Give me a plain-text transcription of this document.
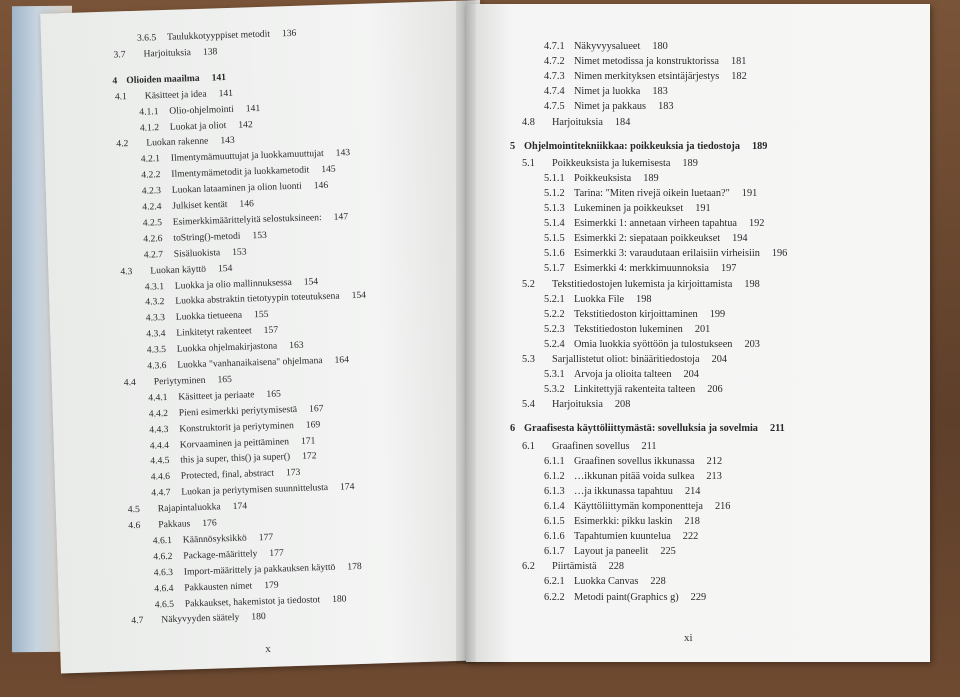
3.6.5	Taulukkotyyppiset metodit 136
3.7	Harjoituksia 138
4 Olioiden maailma 141
4.1	Käsitteet ja idea 141
4.1.1	Olio-ohjelmointi 141
4.1.2	Luokat ja oliot 142
4.2	Luokan rakenne 143
4.2.1	Ilmentymämuuttujat ja luokkamuuttujat 143
4.2.2	Ilmentymämetodit ja luokkametodit 145
4.2.3	Luokan lataaminen ja olion luonti 146
4.2.4	Julkiset kentät 146
4.2.5	Esimerkkimäärittelyitä selostuksineen: 147
4.2.6	toString()-metodi 153
4.2.7	Sisäluokista 153
4.3	Luokan käyttö 154
4.3.1	Luokka ja olio mallinnuksessa 154
4.3.2	Luokka abstraktin tietotyypin toteutuksena 154
4.3.3	Luokka tietueena 155
4.3.4	Linkitetyt rakenteet 157
4.3.5	Luokka ohjelmakirjastona 163
4.3.6	Luokka "vanhanaikaisena" ohjelmana 164
4.4	Periytyminen 165
4.4.1	Käsitteet ja periaate 165
4.4.2	Pieni esimerkki periytymisestä 167
4.4.3	Konstruktorit ja periytyminen 169
4.4.4	Korvaaminen ja peittäminen 171
4.4.5	this ja super, this() ja super() 172
4.4.6	Protected, final, abstract 173
4.4.7	Luokan ja periytymisen suunnittelusta 174
4.5	Rajapintaluokka 174
4.6	Pakkaus 176
4.6.1	Käännösyksikkö 177
4.6.2	Package-määrittely 177
4.6.3	Import-määrittely ja pakkauksen käyttö 178
4.6.4	Pakkausten nimet 179
4.6.5	Pakkaukset, hakemistot ja tiedostot 180
4.7	Näkyvyyden säätely 180
x
4.7.1 Näkyvyysalueet 180
4.7.2 Nimet metodissa ja konstruktorissa 181
4.7.3 Nimen merkityksen etsintäjärjestys 182
4.7.4 Nimet ja luokka 183
4.7.5 Nimet ja pakkaus 183
4.8	Harjoituksia 184
5 Ohjelmointitekniikkaa: poikkeuksia ja tiedostoja 189
5.1	Poikkeuksista ja lukemisesta 189
5.1.1 Poikkeuksista 189
5.1.2 Tarina: "Miten rivejä oikein luetaan?" 191
5.1.3 Lukeminen ja poikkeukset 191
5.1.4 Esimerkki 1: annetaan virheen tapahtua 192
5.1.5 Esimerkki 2: siepataan poikkeukset 194
5.1.6 Esimerkki 3: varaudutaan erilaisiin virheisiin 196
5.1.7 Esimerkki 4: merkkimuunnoksia 197
5.2	Tekstitiedostojen lukemista ja kirjoittamista 198
5.2.1 Luokka File 198
5.2.2 Tekstitiedoston kirjoittaminen 199
5.2.3 Tekstitiedoston lukeminen 201
5.2.4 Omia luokkia syöttöön ja tulostukseen 203
5.3	Sarjallistetut oliot: binääritiedostoja 204
5.3.1 Arvoja ja olioita talteen 204
5.3.2 Linkitettyjä rakenteita talteen 206
5.4	Harjoituksia 208
6 Graafisesta käyttöliittymästä: sovelluksia ja sovelmia 211
6.1	Graafinen sovellus 211
6.1.1 Graafinen sovellus ikkunassa 212
6.1.2 …ikkunan pitää voida sulkea 213
6.1.3 …ja ikkunassa tapahtuu 214
6.1.4 Käyttöliittymän komponentteja 216
6.1.5 Esimerkki: pikku laskin 218
6.1.6 Tapahtumien kuuntelua 222
6.1.7 Layout ja paneelit 225
6.2	Piirtämistä 228
6.2.1 Luokka Canvas 228
6.2.2 Metodi paint(Graphics g) 229
xi
